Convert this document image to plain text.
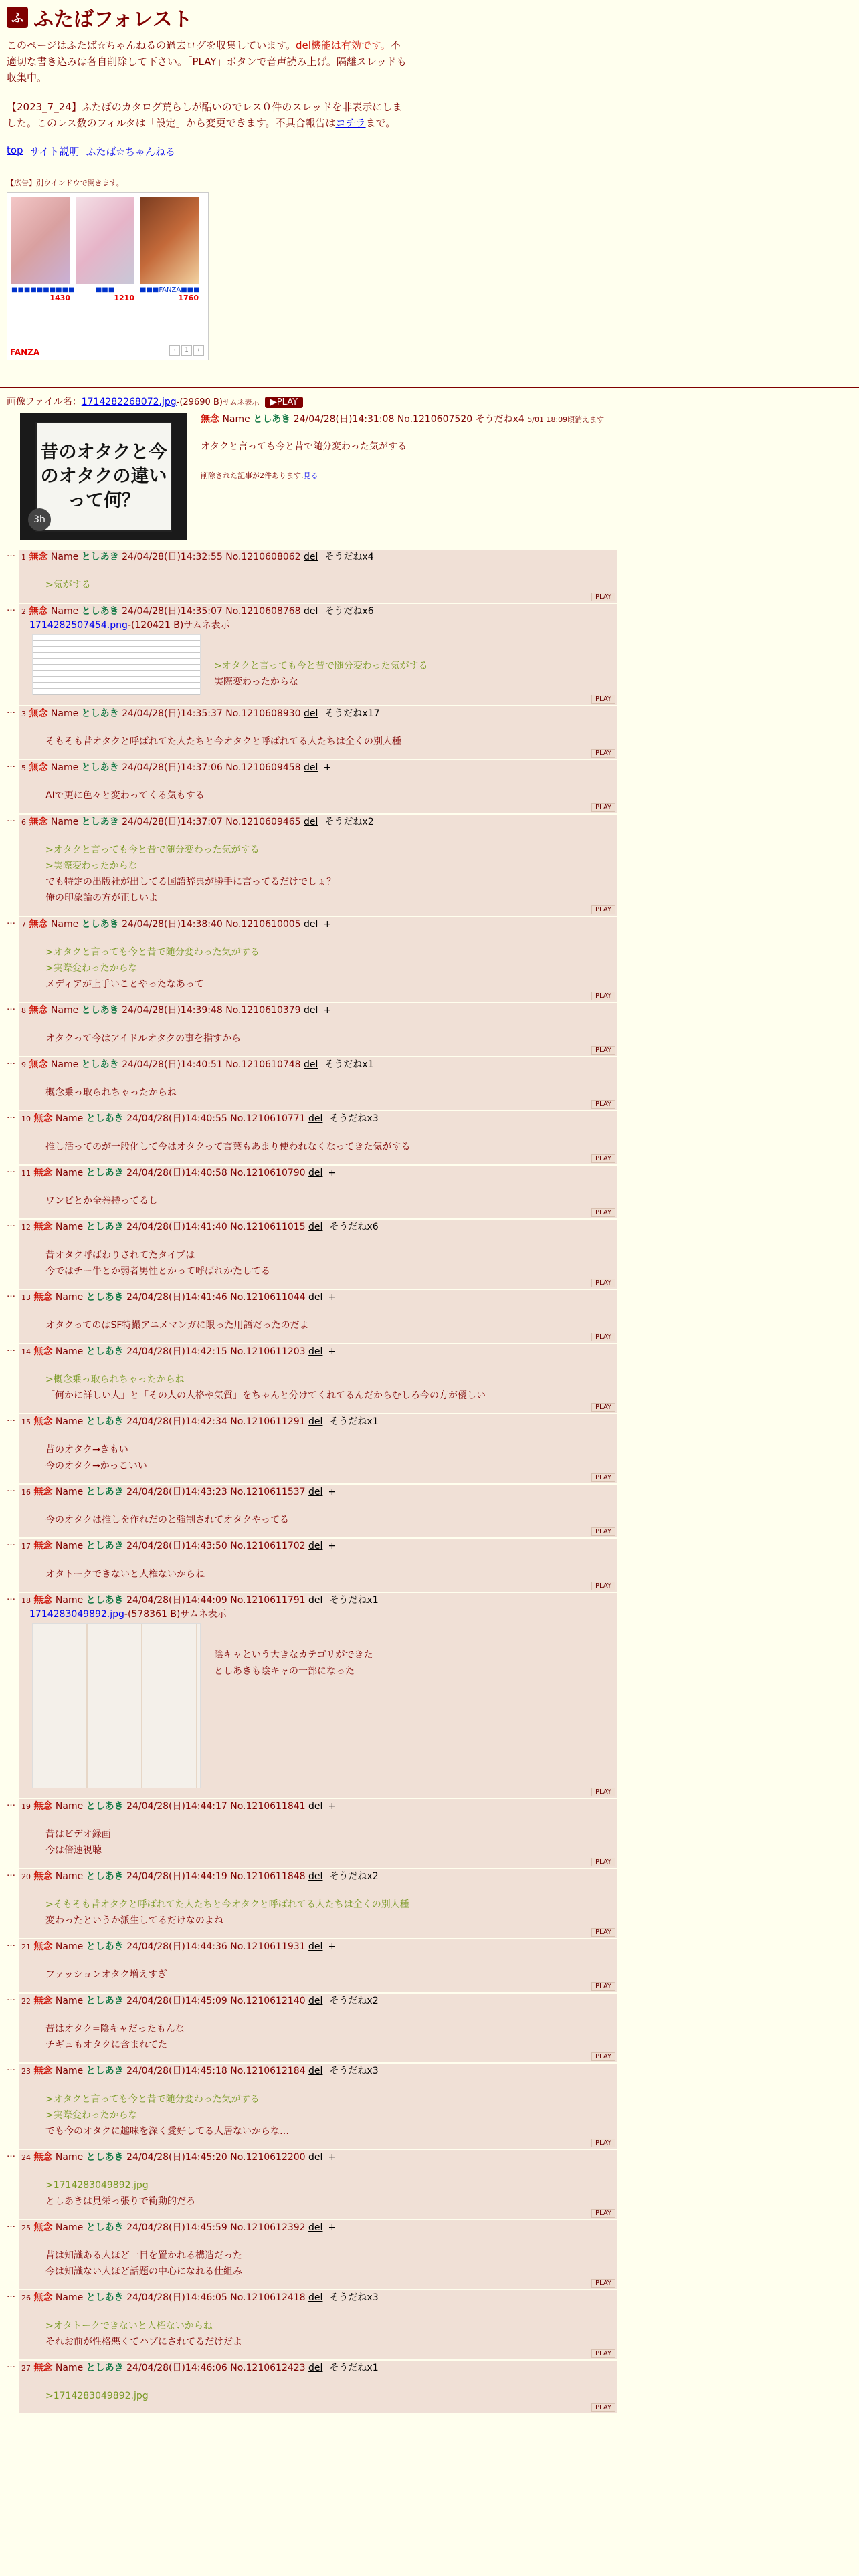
ふ ふたばフォレスト
このページはふたば☆ちゃんねるの過去ログを収集しています。del機能は有効です。不適切な書き込みは各自削除して下さい。「PLAY」ボタンで音声読み上げ。隔離スレッドも収集中。
【2023_7_24】ふたばのカタログ荒らしが酷いのでレス０件のスレッドを非表示にしました。このレス数のフィルタは「設定」から変更できます。不具合報告はコチラまで。
top サイト説明 ふたば☆ちゃんねる
【広告】別ウインドウで開きます。
■■■■■■■■■■
1430
■■■
1210
■■■FANZA■■■
1760
FANZA	‹	1	›
画像ファイル名：1714282268072.jpg-(29690 B)サムネ表示 ▶PLAY
昔のオタクと今のオタクの違いって何？
3h
無念 Name としあき 24/04/28(日)14:31:08 No.1210607520 そうだねx4 5/01 18:09頃消えます
オタクと言っても今と昔で随分変わった気がする
削除された記事が2件あります.見る
… 1 無念 Name としあき 24/04/28(日)14:32:55 No.1210608062 del そうだねx4
>気がする
PLAY
… 2 無念 Name としあき 24/04/28(日)14:35:07 No.1210608768 del そうだねx6
1714282507454.png-(120421 B)サムネ表示
>オタクと言っても今と昔で随分変わった気がする
実際変わったからな
PLAY
… 3 無念 Name としあき 24/04/28(日)14:35:37 No.1210608930 del そうだねx17
そもそも昔オタクと呼ばれてた人たちと今オタクと呼ばれてる人たちは全くの別人種
PLAY
… 5 無念 Name としあき 24/04/28(日)14:37:06 No.1210609458 del +
AIで更に色々と変わってくる気もする
PLAY
… 6 無念 Name としあき 24/04/28(日)14:37:07 No.1210609465 del そうだねx2
>オタクと言っても今と昔で随分変わった気がする
>実際変わったからな
でも特定の出版社が出してる国語辞典が勝手に言ってるだけでしょ？
俺の印象論の方が正しいよ
PLAY
… 7 無念 Name としあき 24/04/28(日)14:38:40 No.1210610005 del +
>オタクと言っても今と昔で随分変わった気がする
>実際変わったからな
メディアが上手いことやったなあって
PLAY
… 8 無念 Name としあき 24/04/28(日)14:39:48 No.1210610379 del +
オタクって今はアイドルオタクの事を指すから
PLAY
… 9 無念 Name としあき 24/04/28(日)14:40:51 No.1210610748 del そうだねx1
概念乗っ取られちゃったからね
PLAY
… 10 無念 Name としあき 24/04/28(日)14:40:55 No.1210610771 del そうだねx3
推し活ってのが一般化して今はオタクって言葉もあまり使われなくなってきた気がする
PLAY
… 11 無念 Name としあき 24/04/28(日)14:40:58 No.1210610790 del +
ワンピとか全巻持ってるし
PLAY
… 12 無念 Name としあき 24/04/28(日)14:41:40 No.1210611015 del そうだねx6
昔オタク呼ばわりされてたタイプは
今ではチー牛とか弱者男性とかって呼ばれかたしてる
PLAY
… 13 無念 Name としあき 24/04/28(日)14:41:46 No.1210611044 del +
オタクってのはSF特撮アニメマンガに限った用語だったのだよ
PLAY
… 14 無念 Name としあき 24/04/28(日)14:42:15 No.1210611203 del +
>概念乗っ取られちゃったからね
「何かに詳しい人」と「その人の人格や気質」をちゃんと分けてくれてるんだからむしろ今の方が優しい
PLAY
… 15 無念 Name としあき 24/04/28(日)14:42:34 No.1210611291 del そうだねx1
昔のオタク→きもい
今のオタク→かっこいい
PLAY
… 16 無念 Name としあき 24/04/28(日)14:43:23 No.1210611537 del +
今のオタクは推しを作れだのと強制されてオタクやってる
PLAY
… 17 無念 Name としあき 24/04/28(日)14:43:50 No.1210611702 del +
オタトークできないと人権ないからね
PLAY
… 18 無念 Name としあき 24/04/28(日)14:44:09 No.1210611791 del そうだねx1
1714283049892.jpg-(578361 B)サムネ表示
陰キャという大きなカテゴリができた
としあきも陰キャの一部になった
PLAY
… 19 無念 Name としあき 24/04/28(日)14:44:17 No.1210611841 del +
昔はビデオ録画
今は倍速視聴
PLAY
… 20 無念 Name としあき 24/04/28(日)14:44:19 No.1210611848 del そうだねx2
>そもそも昔オタクと呼ばれてた人たちと今オタクと呼ばれてる人たちは全くの別人種
変わったというか派生してるだけなのよね
PLAY
… 21 無念 Name としあき 24/04/28(日)14:44:36 No.1210611931 del +
ファッションオタク増えすぎ
PLAY
… 22 無念 Name としあき 24/04/28(日)14:45:09 No.1210612140 del そうだねx2
昔はオタク=陰キャだったもんな
チギュもオタクに含まれてた
PLAY
… 23 無念 Name としあき 24/04/28(日)14:45:18 No.1210612184 del そうだねx3
>オタクと言っても今と昔で随分変わった気がする
>実際変わったからな
でも今のオタクに趣味を深く愛好してる人居ないからな…
PLAY
… 24 無念 Name としあき 24/04/28(日)14:45:20 No.1210612200 del +
>1714283049892.jpg
としあきは見栄っ張りで衝動的だろ
PLAY
… 25 無念 Name としあき 24/04/28(日)14:45:59 No.1210612392 del +
昔は知識ある人ほど一目を置かれる構造だった
今は知識ない人ほど話題の中心になれる仕組み
PLAY
… 26 無念 Name としあき 24/04/28(日)14:46:05 No.1210612418 del そうだねx3
>オタトークできないと人権ないからね
それお前が性格悪くてハブにされてるだけだよ
PLAY
… 27 無念 Name としあき 24/04/28(日)14:46:06 No.1210612423 del そうだねx1
>1714283049892.jpg
PLAY
